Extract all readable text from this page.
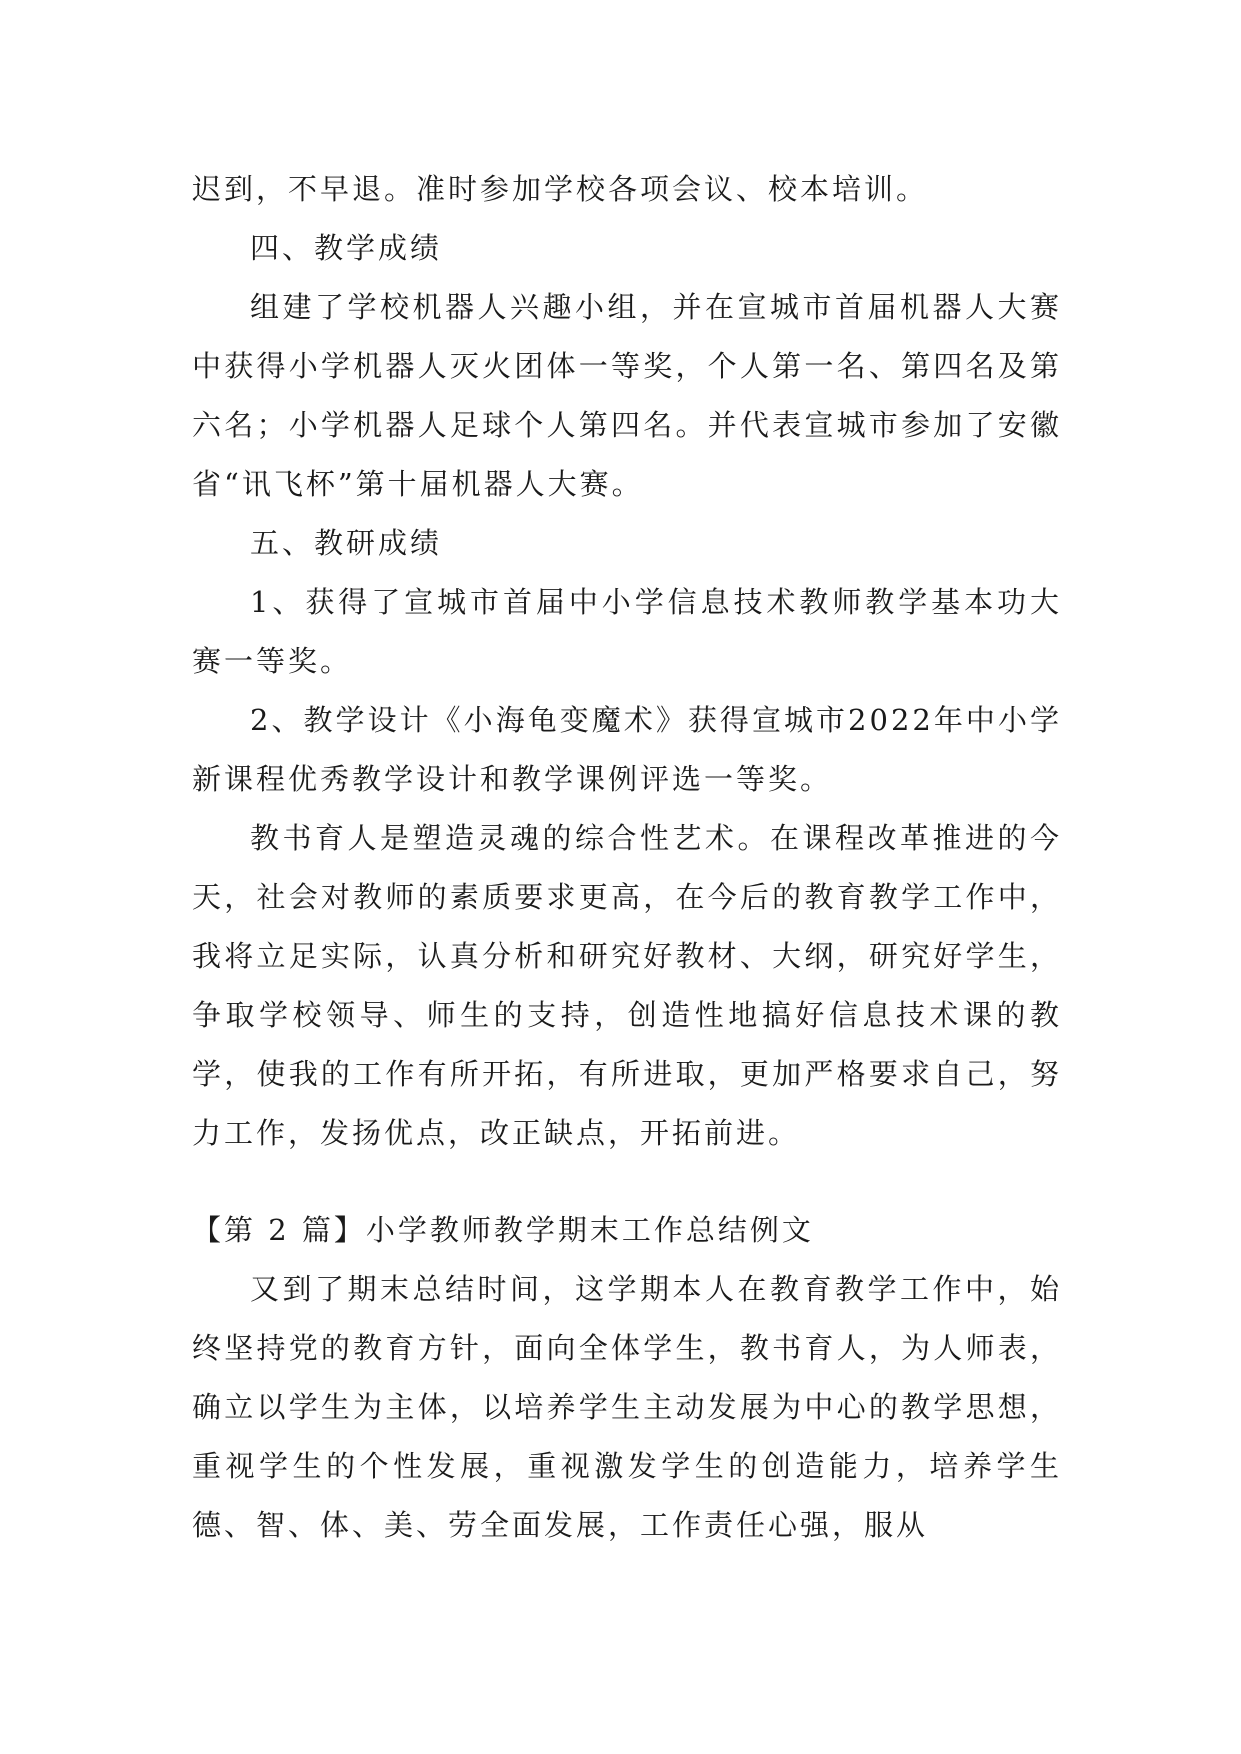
迟到，不早退。准时参加学校各项会议、校本培训。

四、教学成绩

组建了学校机器人兴趣小组，并在宣城市首届机器人大赛中获得小学机器人灭火团体一等奖，个人第一名、第四名及第六名；小学机器人足球个人第四名。并代表宣城市参加了安徽省“讯飞杯”第十届机器人大赛。

五、教研成绩

1、获得了宣城市首届中小学信息技术教师教学基本功大赛一等奖。

2、教学设计《小海龟变魔术》获得宣城市2022年中小学新课程优秀教学设计和教学课例评选一等奖。

教书育人是塑造灵魂的综合性艺术。在课程改革推进的今天，社会对教师的素质要求更高，在今后的教育教学工作中，我将立足实际，认真分析和研究好教材、大纲，研究好学生，争取学校领导、师生的支持，创造性地搞好信息技术课的教学，使我的工作有所开拓，有所进取，更加严格要求自己，努力工作，发扬优点，改正缺点，开拓前进。

【第 2 篇】小学教师教学期末工作总结例文

又到了期末总结时间，这学期本人在教育教学工作中，始终坚持党的教育方针，面向全体学生，教书育人，为人师表，确立以学生为主体，以培养学生主动发展为中心的教学思想，重视学生的个性发展，重视激发学生的创造能力，培养学生德、智、体、美、劳全面发展，工作责任心强，服从
